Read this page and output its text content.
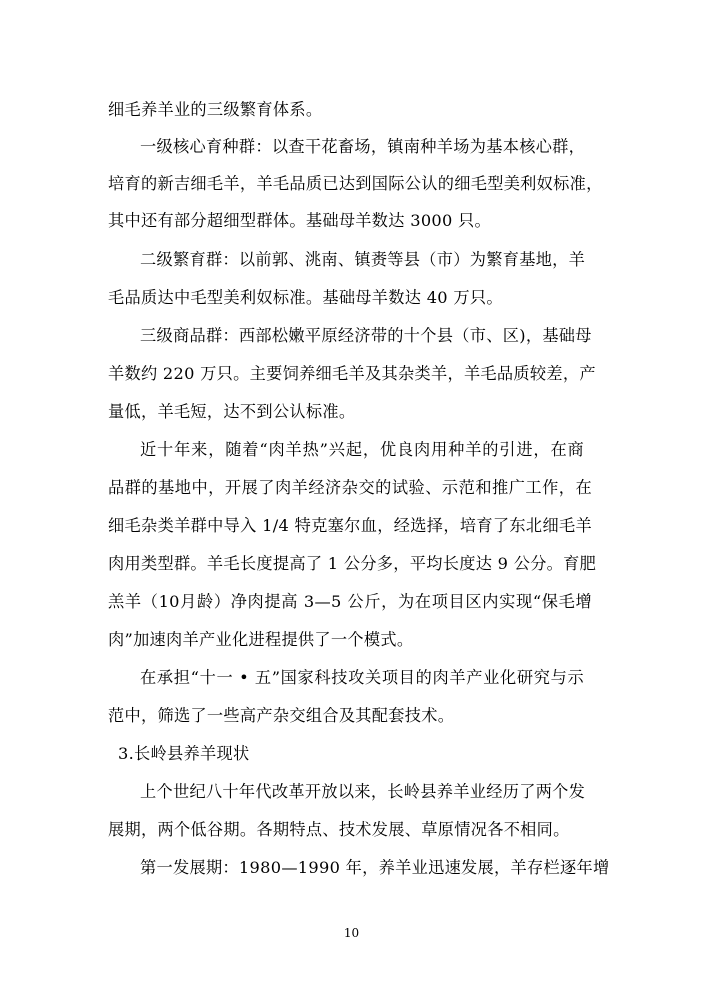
细毛养羊业的三级繁育体系。
一级核心育种群：以查干花畜场，镇南种羊场为基本核心群，
培育的新吉细毛羊，羊毛品质已达到国际公认的细毛型美利奴标准，
其中还有部分超细型群体。基础母羊数达 3000 只。
二级繁育群：以前郭、洮南、镇赉等县（市）为繁育基地，羊
毛品质达中毛型美利奴标准。基础母羊数达 40 万只。
三级商品群：西部松嫩平原经济带的十个县（市、区)，基础母
羊数约 220 万只。主要饲养细毛羊及其杂类羊，羊毛品质较差，产
量低，羊毛短，达不到公认标准。
近十年来，随着“肉羊热”兴起，优良肉用种羊的引进，在商
品群的基地中，开展了肉羊经济杂交的试验、示范和推广工作，在
细毛杂类羊群中导入 1/4 特克塞尔血，经选择，培育了东北细毛羊
肉用类型群。羊毛长度提高了 1 公分多，平均长度达 9 公分。育肥
羔羊（10月龄）净肉提高 3—5 公斤，为在项目区内实现“保毛增
肉”加速肉羊产业化进程提供了一个模式。
在承担“十一 • 五”国家科技攻关项目的肉羊产业化研究与示
范中，筛选了一些高产杂交组合及其配套技术。
3.长岭县养羊现状
上个世纪八十年代改革开放以来，长岭县养羊业经历了两个发
展期，两个低谷期。各期特点、技术发展、草原情况各不相同。
第一发展期：1980—1990 年，养羊业迅速发展，羊存栏逐年增
10
